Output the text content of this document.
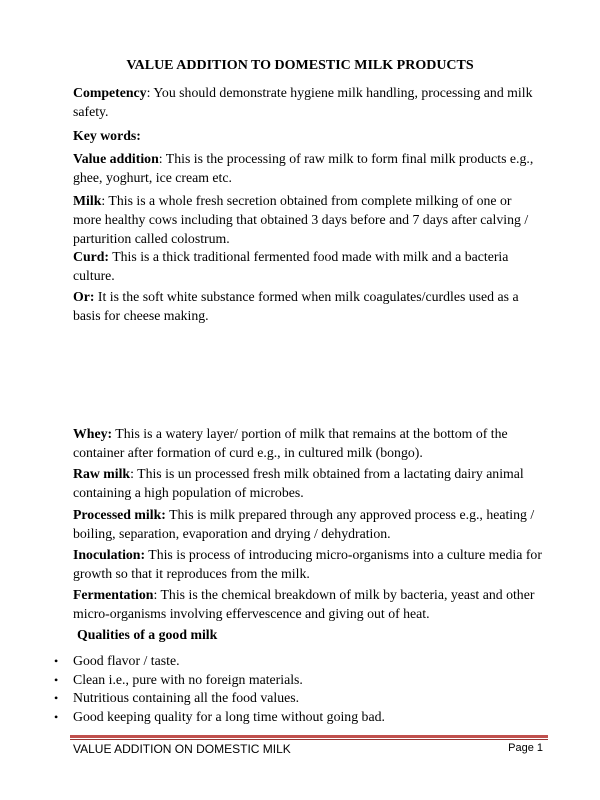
VALUE ADDITION TO DOMESTIC MILK PRODUCTS

Competency: You should demonstrate hygiene milk handling, processing and milk safety.

Key words:

Value addition: This is the processing of raw milk to form final milk products e.g., ghee, yoghurt, ice cream etc.

Milk: This is a whole fresh secretion obtained from complete milking of one or more healthy cows including that obtained 3 days before and 7 days after calving / parturition called colostrum.

Curd: This is a thick traditional fermented food made with milk and a bacteria culture.

Or: It is the soft white substance formed when milk coagulates/curdles used as a basis for cheese making.

Whey: This is a watery layer/ portion of milk that remains at the bottom of the container after formation of curd e.g., in cultured milk (bongo).

Raw milk: This is un processed fresh milk obtained from a lactating dairy animal containing a high population of microbes.

Processed milk: This is milk prepared through any approved process e.g., heating / boiling, separation, evaporation and drying / dehydration.

Inoculation: This is process of introducing micro-organisms into a culture media for growth so that it reproduces from the milk.

Fermentation: This is the chemical breakdown of milk by bacteria, yeast and other micro-organisms involving effervescence and giving out of heat.

Qualities of a good milk
• Good flavor / taste.
• Clean i.e., pure with no foreign materials.
• Nutritious containing all the food values.
• Good keeping quality for a long time without going bad.
VALUE ADDITION ON DOMESTIC MILK	Page 1
